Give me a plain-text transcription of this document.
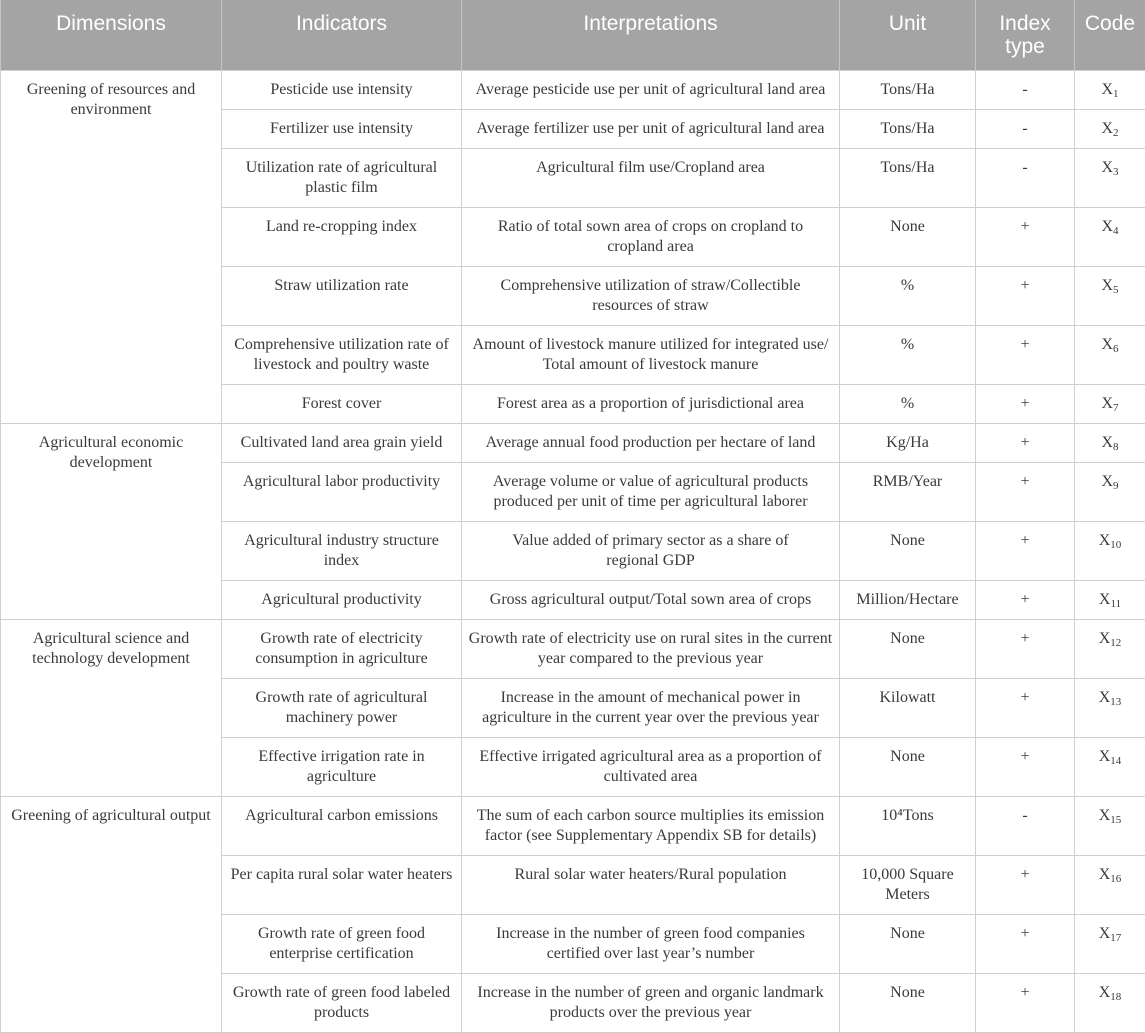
Dimensions	Indicators	Interpretations	Unit	Index type	Code
Greening of resources and
environment	Pesticide use intensity	Average pesticide use per unit of agricultural land area	Tons/Ha	-	$X_1$
	Fertilizer use intensity	Average fertilizer use per unit of agricultural land area	Tons/Ha	-	$X_2$
	Utilization rate of agricultural
plastic film	Agricultural film use/Cropland area	Tons/Ha	-	$X_3$
	Land re-cropping index	Ratio of total sown area of crops on cropland to
cropland area	None	+	$X_4$
	Straw utilization rate	Comprehensive utilization of straw/Collectible
resources of straw	%	+	$X_5$
	Comprehensive utilization rate of
livestock and poultry waste	Amount of livestock manure utilized for integrated use/
Total amount of livestock manure	%	+	$X_6$
	Forest cover	Forest area as a proportion of jurisdictional area	%	+	$X_7$
Agricultural economic
development	Cultivated land area grain yield	Average annual food production per hectare of land	Kg/Ha	+	$X_8$
	Agricultural labor productivity	Average volume or value of agricultural products
produced per unit of time per agricultural laborer	RMB/Year	+	$X_9$
	Agricultural industry structure
index	Value added of primary sector as a share of
regional GDP	None	+	$X_{10}$
	Agricultural productivity	Gross agricultural output/Total sown area of crops	Million/Hectare	+	$X_{11}$
Agricultural science and
technology development	Growth rate of electricity
consumption in agriculture	Growth rate of electricity use on rural sites in the current
year compared to the previous year	None	+	$X_{12}$
	Growth rate of agricultural
machinery power	Increase in the amount of mechanical power in
agriculture in the current year over the previous year	Kilowatt	+	$X_{13}$
	Effective irrigation rate in
agriculture	Effective irrigated agricultural area as a proportion of
cultivated area	None	+	$X_{14}$
Greening of agricultural output	Agricultural carbon emissions	The sum of each carbon source multiplies its emission
factor (see Supplementary Appendix SB for details)	10⁴Tons	-	$X_{15}$
	Per capita rural solar water heaters	Rural solar water heaters/Rural population	10,000 Square
Meters	+	$X_{16}$
	Growth rate of green food
enterprise certification	Increase in the number of green food companies
certified over last year’s number	None	+	$X_{17}$
	Growth rate of green food labeled
products	Increase in the number of green and organic landmark
products over the previous year	None	+	$X_{18}$
